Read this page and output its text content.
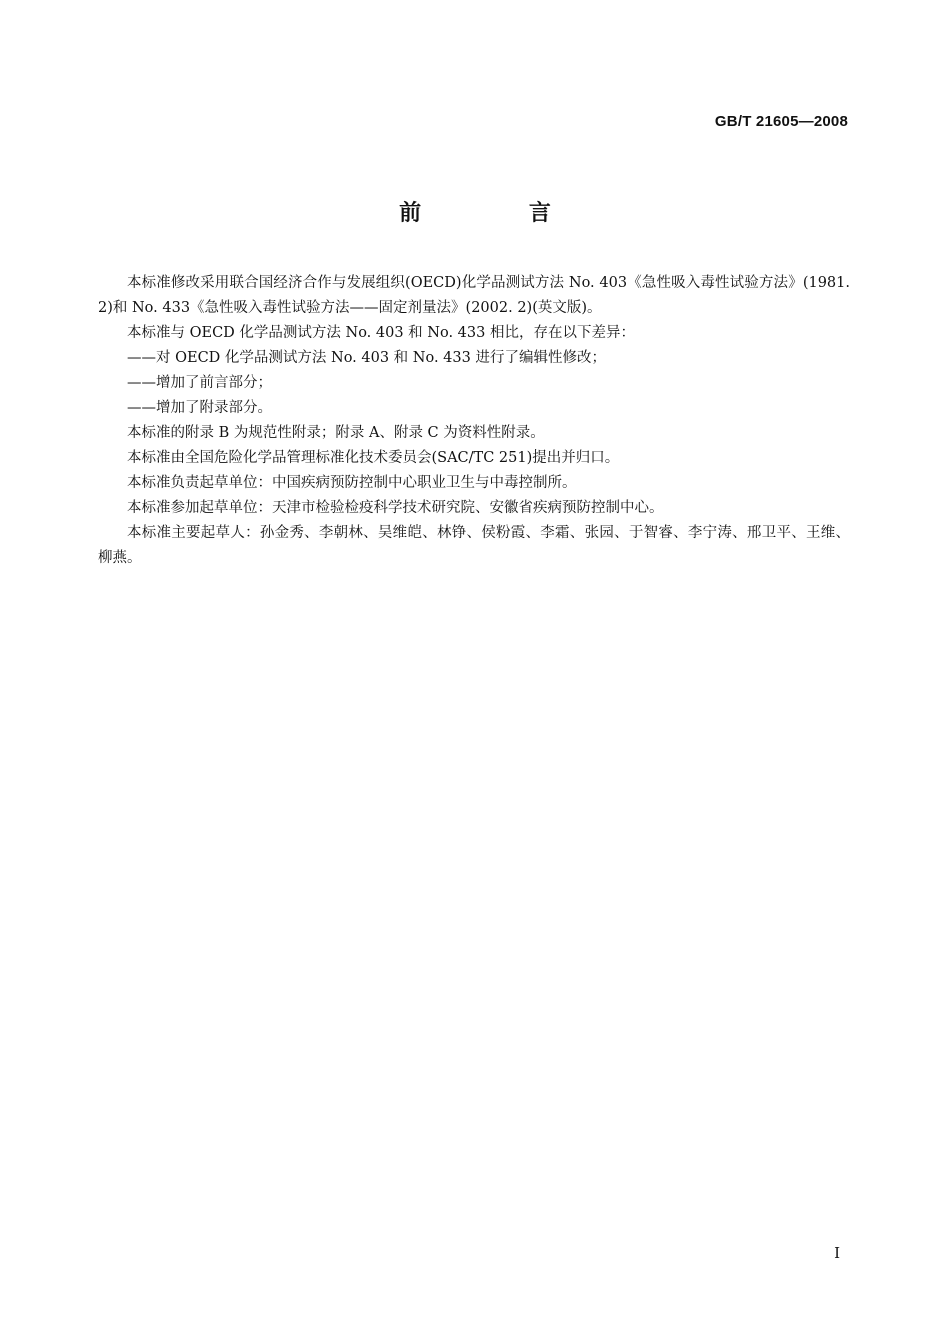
GB/T 21605—2008
前 言

本标准修改采用联合国经济合作与发展组织(OECD)化学品测试方法 No. 403《急性吸入毒性试验方法》(1981. 2)和 No. 433《急性吸入毒性试验方法——固定剂量法》(2002. 2)(英文版)。

本标准与 OECD 化学品测试方法 No. 403 和 No. 433 相比，存在以下差异：

——对 OECD 化学品测试方法 No. 403 和 No. 433 进行了编辑性修改；

——增加了前言部分；

——增加了附录部分。

本标准的附录 B 为规范性附录；附录 A、附录 C 为资料性附录。

本标准由全国危险化学品管理标准化技术委员会(SAC/TC 251)提出并归口。

本标准负责起草单位：中国疾病预防控制中心职业卫生与中毒控制所。

本标准参加起草单位：天津市检验检疫科学技术研究院、安徽省疾病预防控制中心。

本标准主要起草人：孙金秀、李朝林、吴维皑、林铮、侯粉霞、李霜、张园、于智睿、李宁涛、邢卫平、王维、柳燕。

I
